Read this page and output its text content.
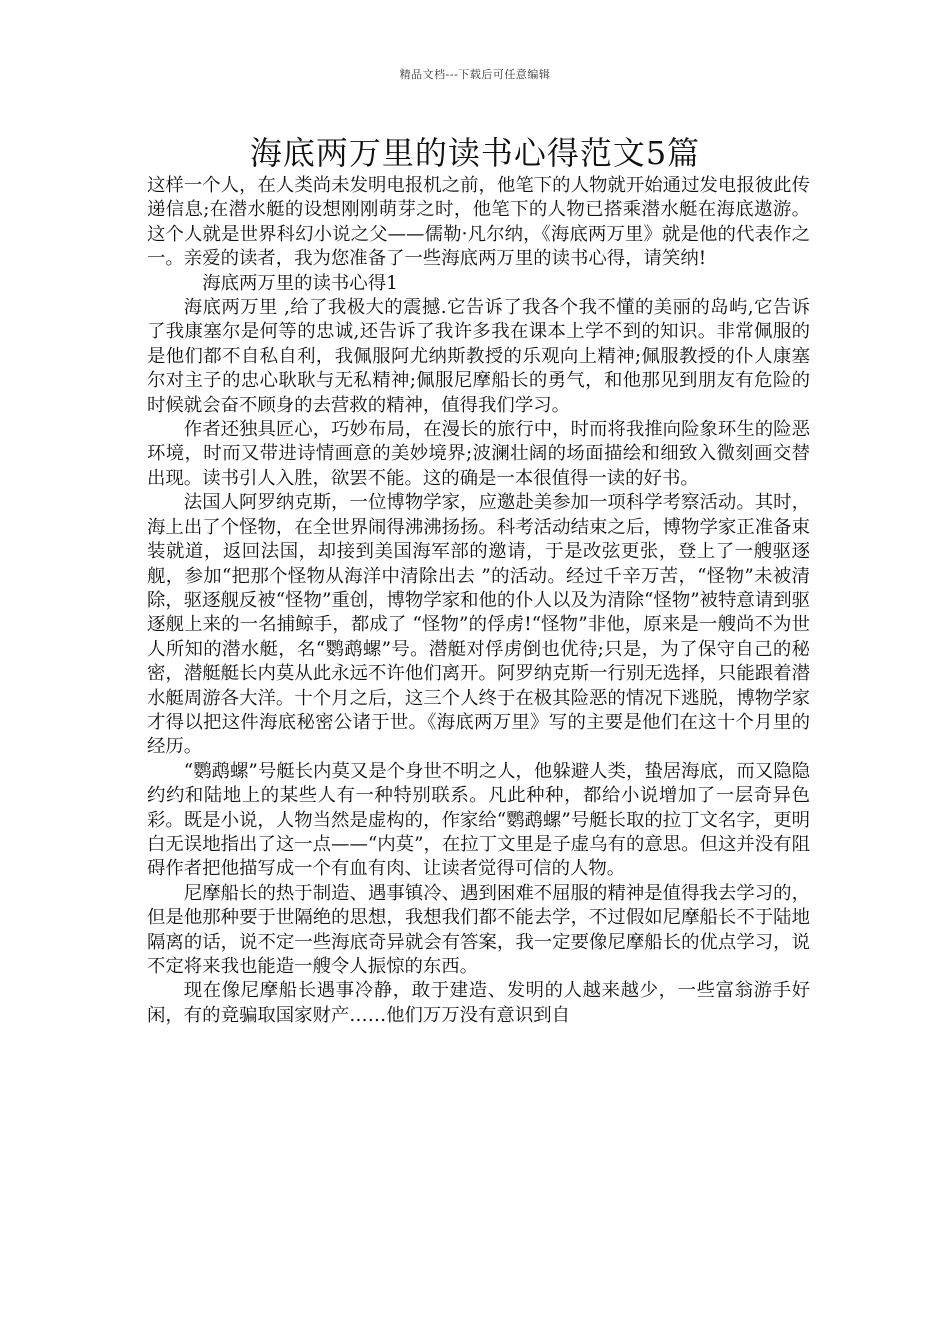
精品文档---下载后可任意编辑
海底两万里的读书心得范文5篇

这样一个人，在人类尚未发明电报机之前，他笔下的人物就开始通过发电报彼此传递信息;在潜水艇的设想刚刚萌芽之时，他笔下的人物已搭乘潜水艇在海底遨游。这个人就是世界科幻小说之父——儒勒·凡尔纳，《海底两万里》就是他的代表作之一。亲爱的读者，我为您准备了一些海底两万里的读书心得，请笑纳!

海底两万里的读书心得1

海底两万里 ,给了我极大的震撼.它告诉了我各个我不懂的美丽的岛屿,它告诉了我康塞尔是何等的忠诚,还告诉了我许多我在课本上学不到的知识。非常佩服的是他们都不自私自利，我佩服阿尤纳斯教授的乐观向上精神;佩服教授的仆人康塞尔对主子的忠心耿耿与无私精神;佩服尼摩船长的勇气，和他那见到朋友有危险的时候就会奋不顾身的去营救的精神，值得我们学习。

作者还独具匠心，巧妙布局，在漫长的旅行中，时而将我推向险象环生的险恶环境，时而又带进诗情画意的美妙境界;波澜壮阔的场面描绘和细致入微刻画交替出现。读书引人入胜，欲罢不能。这的确是一本很值得一读的好书。

法国人阿罗纳克斯，一位博物学家，应邀赴美参加一项科学考察活动。其时，海上出了个怪物，在全世界闹得沸沸扬扬。科考活动结束之后，博物学家正准备束装就道，返回法国，却接到美国海军部的邀请，于是改弦更张，登上了一艘驱逐舰，参加“把那个怪物从海洋中清除出去 ”的活动。经过千辛万苦，“怪物”未被清除，驱逐舰反被“怪物”重创，博物学家和他的仆人以及为清除“怪物”被特意请到驱逐舰上来的一名捕鲸手，都成了 “怪物”的俘虏!“怪物”非他，原来是一艘尚不为世人所知的潜水艇，名“鹦鹉螺”号。潜艇对俘虏倒也优待;只是，为了保守自己的秘密，潜艇艇长内莫从此永远不许他们离开。阿罗纳克斯一行别无选择，只能跟着潜水艇周游各大洋。十个月之后，这三个人终于在极其险恶的情况下逃脱，博物学家才得以把这件海底秘密公诸于世。《海底两万里》写的主要是他们在这十个月里的经历。

“鹦鹉螺”号艇长内莫又是个身世不明之人，他躲避人类，蛰居海底，而又隐隐约约和陆地上的某些人有一种特别联系。凡此种种，都给小说增加了一层奇异色彩。既是小说，人物当然是虚构的，作家给“鹦鹉螺”号艇长取的拉丁文名字，更明白无误地指出了这一点——“内莫”，在拉丁文里是子虚乌有的意思。但这并没有阻碍作者把他描写成一个有血有肉、让读者觉得可信的人物。

尼摩船长的热于制造、遇事镇冷、遇到困难不屈服的精神是值得我去学习的，但是他那种要于世隔绝的思想，我想我们都不能去学，不过假如尼摩船长不于陆地隔离的话，说不定一些海底奇异就会有答案，我一定要像尼摩船长的优点学习，说不定将来我也能造一艘令人振惊的东西。

现在像尼摩船长遇事冷静，敢于建造、发明的人越来越少，一些富翁游手好闲，有的竟骗取国家财产……他们万万没有意识到自
